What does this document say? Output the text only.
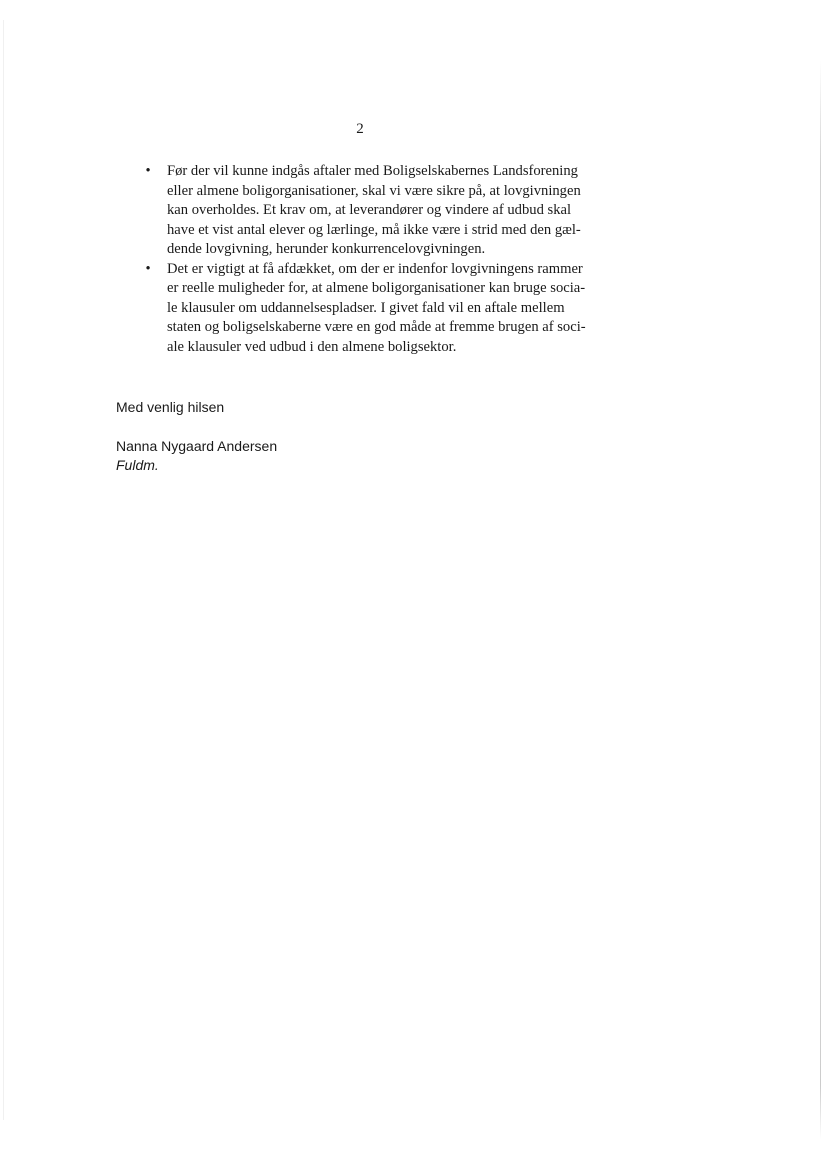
2
• Før der vil kunne indgås aftaler med Boligselskabernes Landsforening
eller almene boligorganisationer, skal vi være sikre på, at lovgivningen
kan overholdes. Et krav om, at leverandører og vindere af udbud skal
have et vist antal elever og lærlinge, må ikke være i strid med den gæl-
dende lovgivning, herunder konkurrencelovgivningen.
• Det er vigtigt at få afdækket, om der er indenfor lovgivningens rammer
er reelle muligheder for, at almene boligorganisationer kan bruge socia-
le klausuler om uddannelsespladser. I givet fald vil en aftale mellem
staten og boligselskaberne være en god måde at fremme brugen af soci-
ale klausuler ved udbud i den almene boligsektor.
Med venlig hilsen
Nanna Nygaard Andersen
Fuldm.
